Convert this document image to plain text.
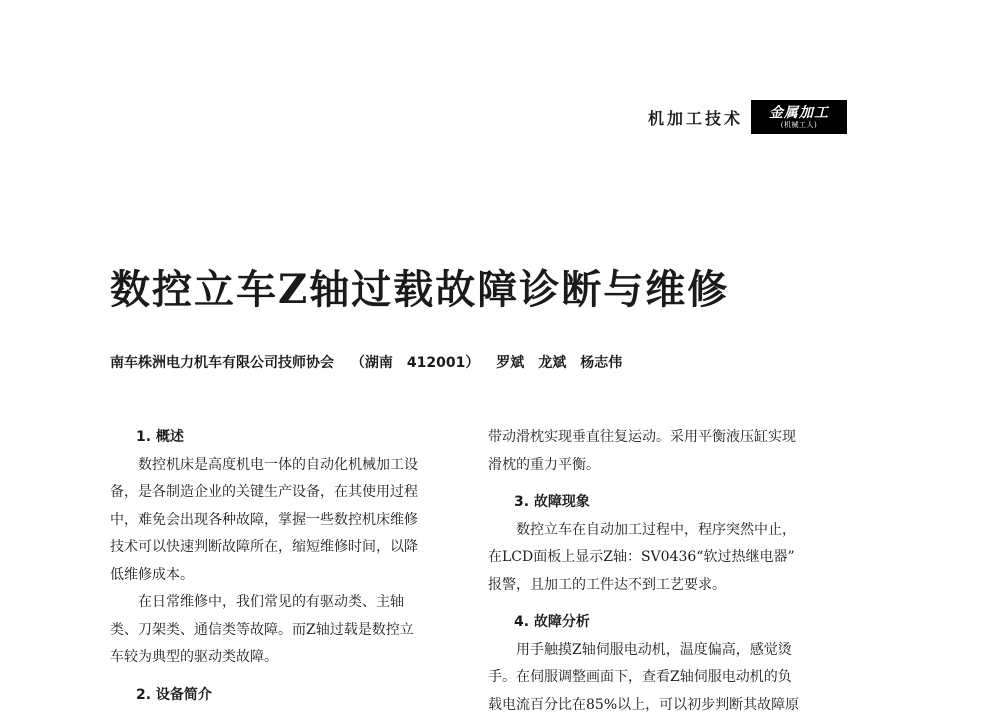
机加工技术 金属加工
(机械工人)
数控立车Z轴过载故障诊断与维修
南车株洲电力机车有限公司技师协会 （湖南　412001） 罗斌　龙斌　杨志伟
1. 概述
数控机床是高度机电一体的自动化机械加工设
备，是各制造企业的关键生产设备，在其使用过程
中，难免会出现各种故障，掌握一些数控机床维修
技术可以快速判断故障所在，缩短维修时间，以降
低维修成本。
在日常维修中，我们常见的有驱动类、主轴
类、刀架类、通信类等故障。而Z轴过载是数控立
车较为典型的驱动类故障。
2. 设备简介
带动滑枕实现垂直往复运动。采用平衡液压缸实现
滑枕的重力平衡。
3. 故障现象
数控立车在自动加工过程中，程序突然中止，
在LCD面板上显示Z轴：SV0436“软过热继电器”
报警，且加工的工件达不到工艺要求。
4. 故障分析
用手触摸Z轴伺服电动机，温度偏高，感觉烫
手。在伺服调整画面下，查看Z轴伺服电动机的负
载电流百分比在85%以上，可以初步判断其故障原
